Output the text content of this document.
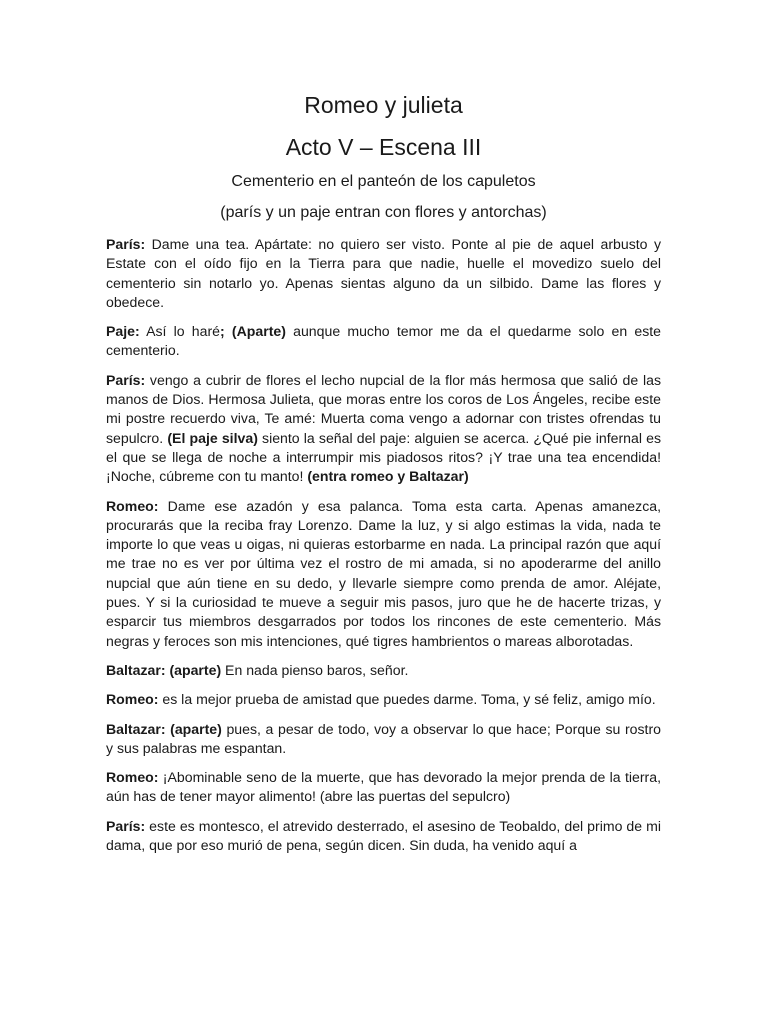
Romeo y julieta
Acto V – Escena III
Cementerio en el panteón de los capuletos
(parís y un paje entran con flores y antorchas)

París: Dame una tea. Apártate: no quiero ser visto. Ponte al pie de aquel arbusto y Estate con el oído fijo en la Tierra para que nadie, huelle el movedizo suelo del cementerio sin notarlo yo. Apenas sientas alguno da un silbido. Dame las flores y obedece.

Paje: Así lo haré; (Aparte) aunque mucho temor me da el quedarme solo en este cementerio.

París: vengo a cubrir de flores el lecho nupcial de la flor más hermosa que salió de las manos de Dios. Hermosa Julieta, que moras entre los coros de Los Ángeles, recibe este mi postre recuerdo viva, Te amé: Muerta coma vengo a adornar con tristes ofrendas tu sepulcro. (El paje silva) siento la señal del paje: alguien se acerca. ¿Qué pie infernal es el que se llega de noche a interrumpir mis piadosos ritos? ¡Y trae una tea encendida! ¡Noche, cúbreme con tu manto! (entra romeo y Baltazar)

Romeo: Dame ese azadón y esa palanca. Toma esta carta. Apenas amanezca, procurarás que la reciba fray Lorenzo. Dame la luz, y si algo estimas la vida, nada te importe lo que veas u oigas, ni quieras estorbarme en nada. La principal razón que aquí me trae no es ver por última vez el rostro de mi amada, si no apoderarme del anillo nupcial que aún tiene en su dedo, y llevarle siempre como prenda de amor. Aléjate, pues. Y si la curiosidad te mueve a seguir mis pasos, juro que he de hacerte trizas, y esparcir tus miembros desgarrados por todos los rincones de este cementerio. Más negras y feroces son mis intenciones, qué tigres hambrientos o mareas alborotadas.

Baltazar: (aparte) En nada pienso baros, señor.

Romeo: es la mejor prueba de amistad que puedes darme. Toma, y sé feliz, amigo mío.

Baltazar: (aparte) pues, a pesar de todo, voy a observar lo que hace; Porque su rostro y sus palabras me espantan.

Romeo: ¡Abominable seno de la muerte, que has devorado la mejor prenda de la tierra, aún has de tener mayor alimento! (abre las puertas del sepulcro)

París: este es montesco, el atrevido desterrado, el asesino de Teobaldo, del primo de mi dama, que por eso murió de pena, según dicen. Sin duda, ha venido aquí a
